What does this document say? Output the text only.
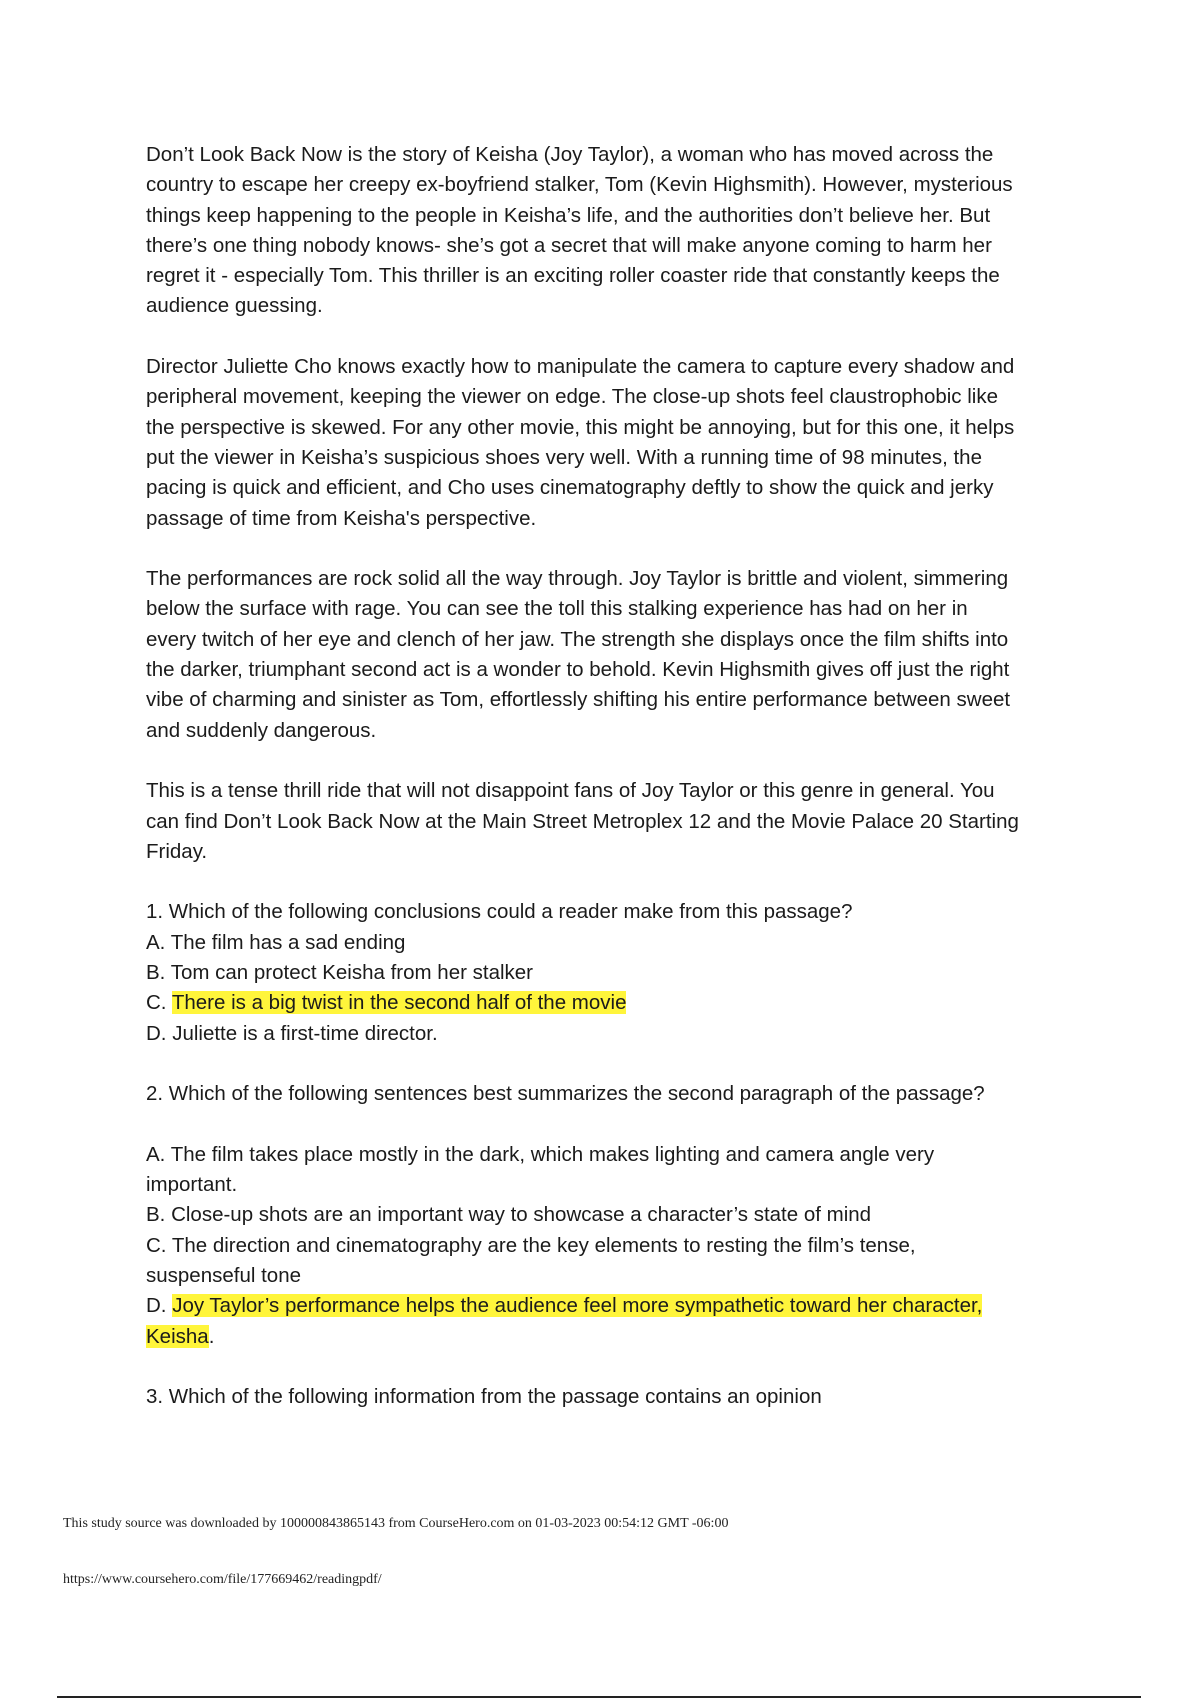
Don’t Look Back Now is the story of Keisha (Joy Taylor), a woman who has moved across the
country to escape her creepy ex-boyfriend stalker, Tom (Kevin Highsmith). However, mysterious
things keep happening to the people in Keisha’s life, and the authorities don’t believe her. But
there’s one thing nobody knows- she’s got a secret that will make anyone coming to harm her
regret it - especially Tom. This thriller is an exciting roller coaster ride that constantly keeps the
audience guessing.
Director Juliette Cho knows exactly how to manipulate the camera to capture every shadow and
peripheral movement, keeping the viewer on edge. The close-up shots feel claustrophobic like
the perspective is skewed. For any other movie, this might be annoying, but for this one, it helps
put the viewer in Keisha’s suspicious shoes very well. With a running time of 98 minutes, the
pacing is quick and efficient, and Cho uses cinematography deftly to show the quick and jerky
passage of time from Keisha's perspective.
The performances are rock solid all the way through. Joy Taylor is brittle and violent, simmering
below the surface with rage. You can see the toll this stalking experience has had on her in
every twitch of her eye and clench of her jaw. The strength she displays once the film shifts into
the darker, triumphant second act is a wonder to behold. Kevin Highsmith gives off just the right
vibe of charming and sinister as Tom, effortlessly shifting his entire performance between sweet
and suddenly dangerous.
This is a tense thrill ride that will not disappoint fans of Joy Taylor or this genre in general. You
can find Don’t Look Back Now at the Main Street Metroplex 12 and the Movie Palace 20 Starting
Friday.
1. Which of the following conclusions could a reader make from this passage?
A. The film has a sad ending
B. Tom can protect Keisha from her stalker
C. There is a big twist in the second half of the movie
D. Juliette is a first-time director.
2. Which of the following sentences best summarizes the second paragraph of the passage?
A. The film takes place mostly in the dark, which makes lighting and camera angle very
important.
B. Close-up shots are an important way to showcase a character’s state of mind
C. The direction and cinematography are the key elements to resting the film’s tense,
suspenseful tone
D. Joy Taylor’s performance helps the audience feel more sympathetic toward her character,
Keisha.
3. Which of the following information from the passage contains an opinion
This study source was downloaded by 100000843865143 from CourseHero.com on 01-03-2023 00:54:12 GMT -06:00
https://www.coursehero.com/file/177669462/readingpdf/
